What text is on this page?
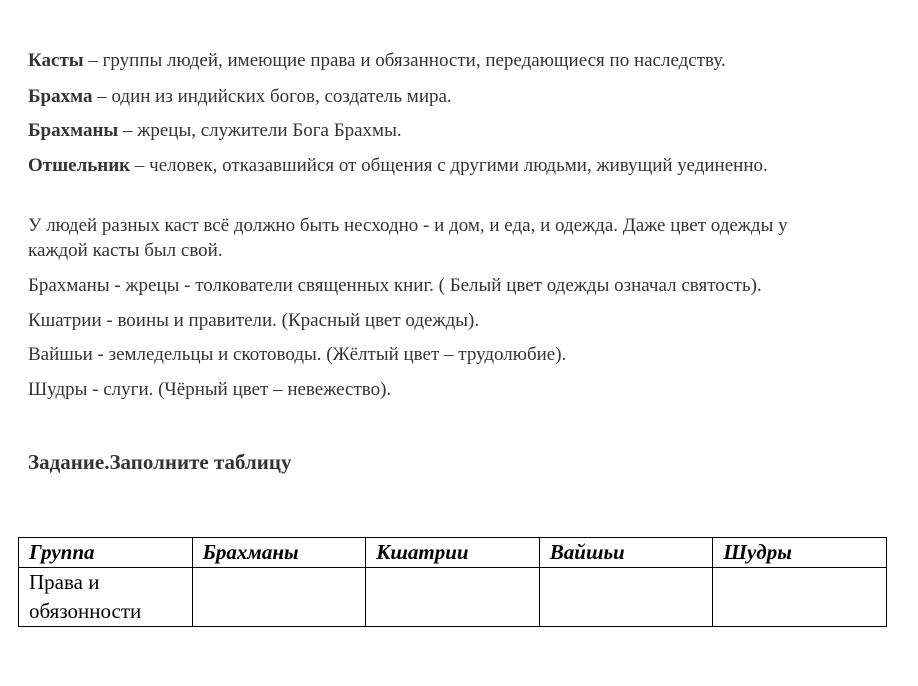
Касты – группы людей, имеющие права и обязанности, передающиеся по наследству.

Брахма – один из индийских богов, создатель мира.

Брахманы – жрецы, служители Бога Брахмы.

Отшельник – человек, отказавшийся от общения с другими людьми, живущий уединенно.

У людей разных каст всё должно быть несходно - и дом, и еда, и одежда. Даже цвет одежды у каждой касты был свой.

Брахманы - жрецы - толкователи священных книг. ( Белый цвет одежды означал святость).

Кшатрии - воины и правители. (Красный цвет одежды).

Вайшьи - земледельцы и скотоводы. (Жёлтый цвет – трудолюбие).

Шудры - слуги. (Чёрный цвет – невежество).

Задание.Заполните таблицу
Группа	Брахманы	Кшатрии	Вайшьи	Шудры
Права и обязонности				
